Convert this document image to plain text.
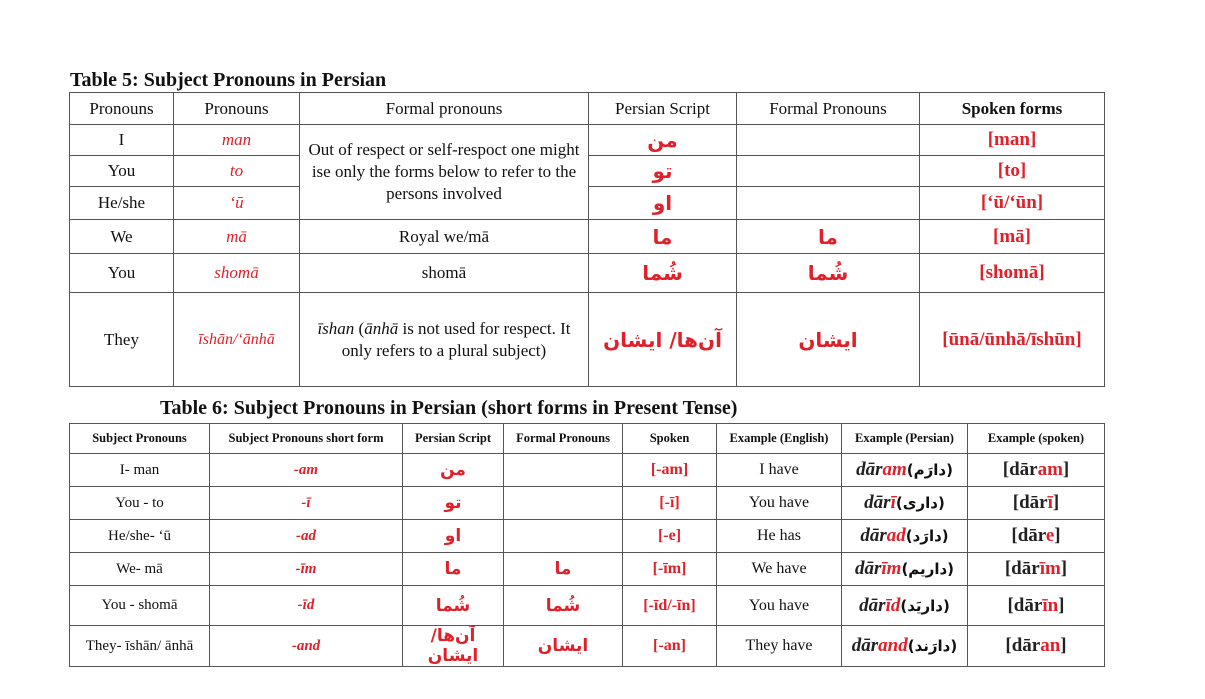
Table 5: Subject Pronouns in Persian
Pronouns	Pronouns	Formal pronouns	Persian Script	Formal Pronouns	Spoken forms
I	man	Out of respect or self-respoct one might ise only the forms below to refer to the persons involved	من		[man]
You	to		تو		[to]
He/she	‘ū		او		[‘ū/‘ūn]
We	mā	Royal we/mā	ما	ما	[mā]
You	shomā	shomā	شُما	شُما	[shomā]
They	īshān/‘ānhā	īshan (ānhā is not used for respect. It only refers to a plural subject)	آن‌ها/ ایشان	ایشان	[ūnā/ūnhā/īshūn]
Table 6: Subject Pronouns in Persian (short forms in Present Tense)
Subject Pronouns	Subject Pronouns short form	Persian Script	Formal Pronouns	Spoken	Example (English)	Example (Persian)	Example (spoken)
I- man	-am	من		[-am]	I have	dāram(دارَم)	[dāram]
You - to	-ī	تو		[-ī]	You have	dārī(داری)	[dārī]
He/she- ‘ū	-ad	او		[-e]	He has	dārad(دارَد)	[dāre]
We- mā	-īm	ما	ما	[-īm]	We have	dārīm(داریم)	[dārīm]
You - shomā	-īd	شُما	شُما	[-īd/-īn]	You have	dārīd(داریَد)	[dārīn]
They- īshān/ ānhā	-and	آن‌ها/ ایشان	ایشان	[-an]	They have	dārand(دارَند)	[dāran]
